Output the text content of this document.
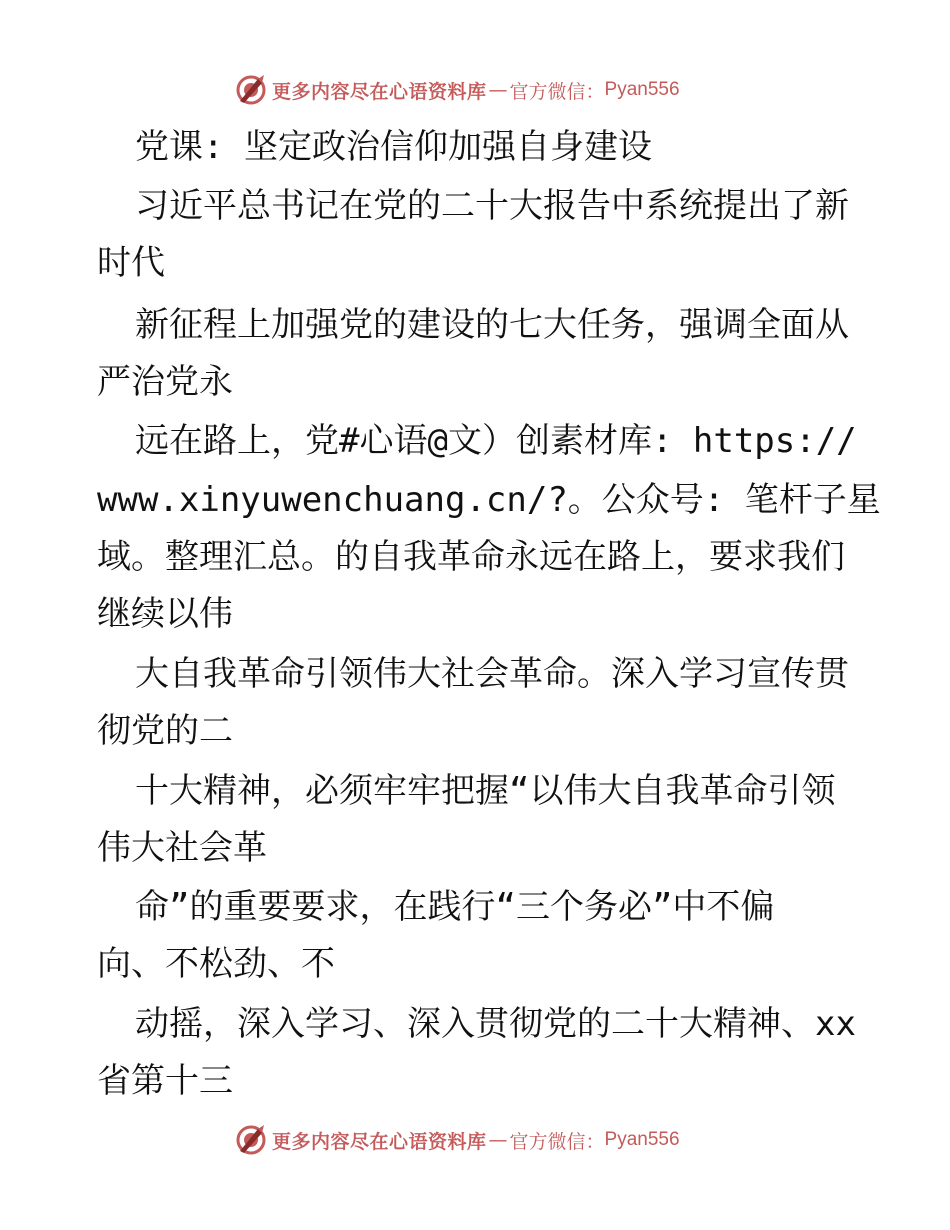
更多内容尽在心语资料库 — 官方微信： Pyan556
党课: 坚定政治信仰加强自身建设
习近平总书记在党的二十大报告中系统提出了新
时代
新征程上加强党的建设的七大任务，强调全面从
严治党永
远在路上，党#心语@文）创素材库: https://
www.xinyuwenchuang.cn/?。公众号: 笔杆子星
域。整理汇总。的自我革命永远在路上，要求我们
继续以伟
大自我革命引领伟大社会革命。深入学习宣传贯
彻党的二
十大精神，必须牢牢把握“以伟大自我革命引领
伟大社会革
命”的重要要求，在践行“三个务必”中不偏
向、不松劲、不
动摇，深入学习、深入贯彻党的二十大精神、xx
省第十三
更多内容尽在心语资料库 — 官方微信： Pyan556
